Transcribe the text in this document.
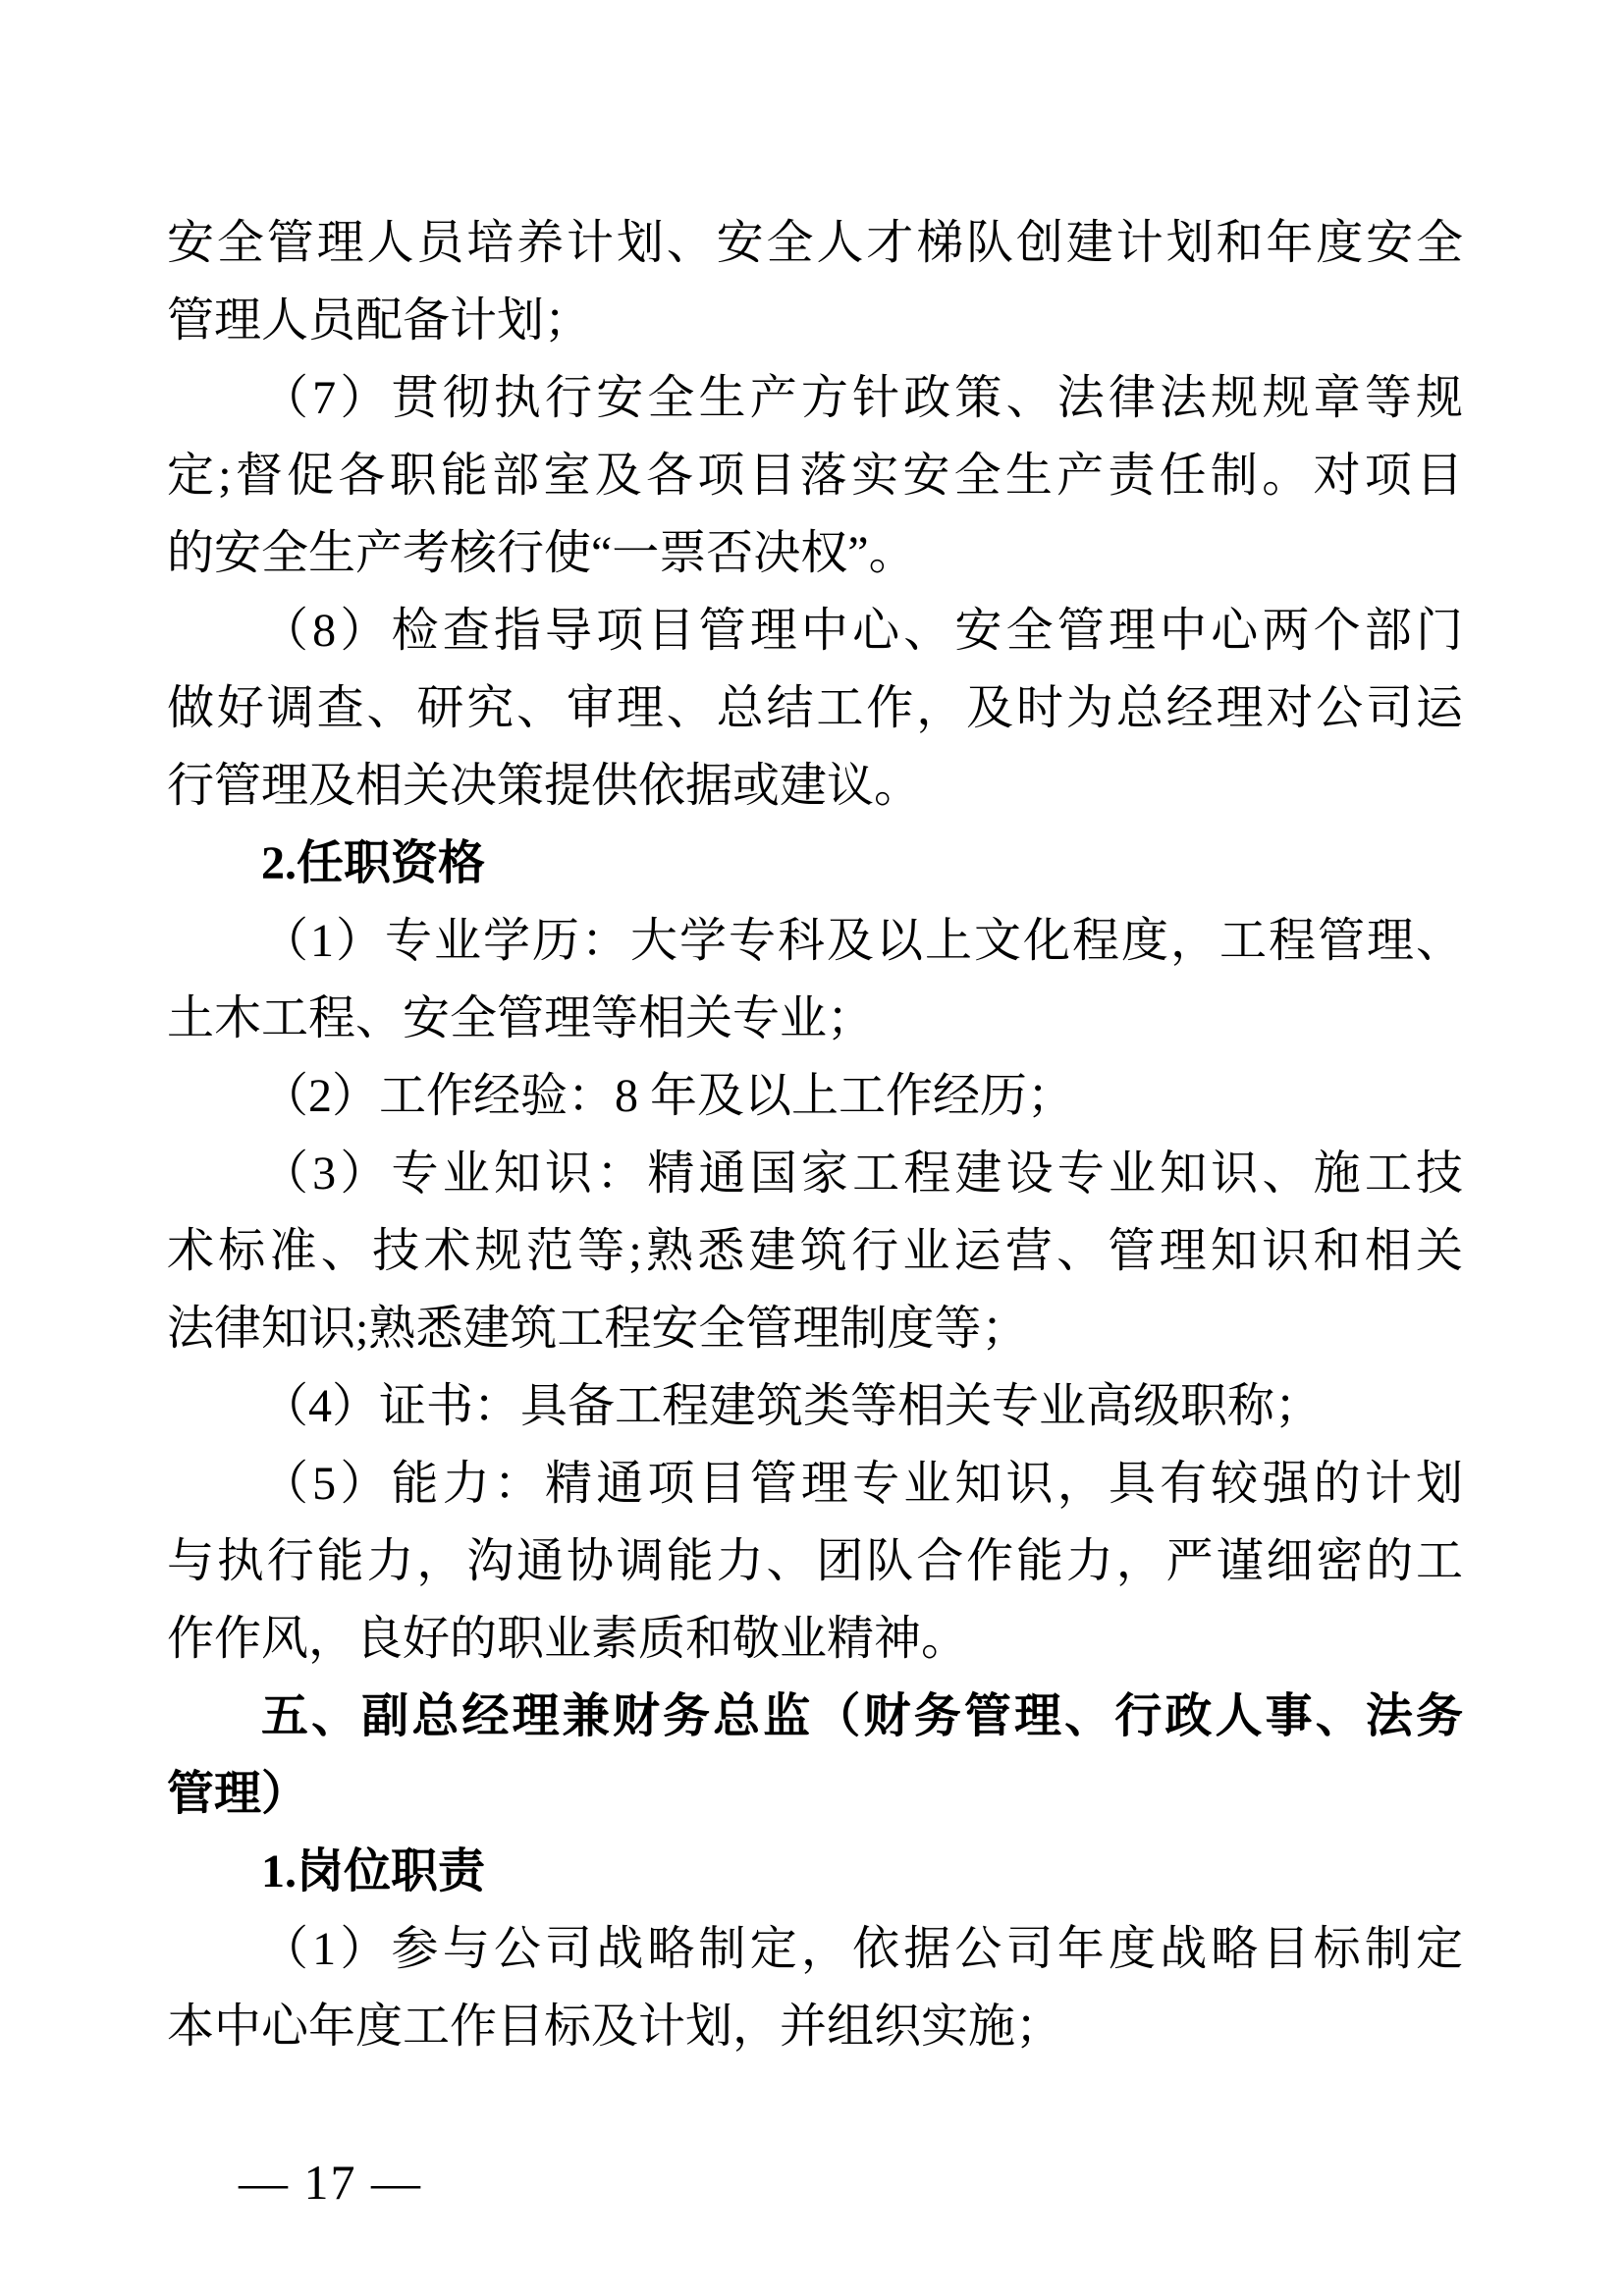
安全管理人员培养计划、安全人才梯队创建计划和年度安全
管理人员配备计划；
（7）贯彻执行安全生产方针政策、法律法规规章等规
定;督促各职能部室及各项目落实安全生产责任制。对项目
的安全生产考核行使“一票否决权”。
（8）检查指导项目管理中心、安全管理中心两个部门
做好调查、研究、审理、总结工作，及时为总经理对公司运
行管理及相关决策提供依据或建议。
2.任职资格
（1）专业学历：大学专科及以上文化程度，工程管理、
土木工程、安全管理等相关专业；
（2）工作经验：8 年及以上工作经历；
（3）专业知识：精通国家工程建设专业知识、施工技
术标准、技术规范等;熟悉建筑行业运营、管理知识和相关
法律知识;熟悉建筑工程安全管理制度等；
（4）证书：具备工程建筑类等相关专业高级职称；
（5）能力：精通项目管理专业知识，具有较强的计划
与执行能力，沟通协调能力、团队合作能力，严谨细密的工
作作风，良好的职业素质和敬业精神。
五、副总经理兼财务总监（财务管理、行政人事、法务
管理）
1.岗位职责
（1）参与公司战略制定，依据公司年度战略目标制定
本中心年度工作目标及计划，并组织实施；
— 17 —
